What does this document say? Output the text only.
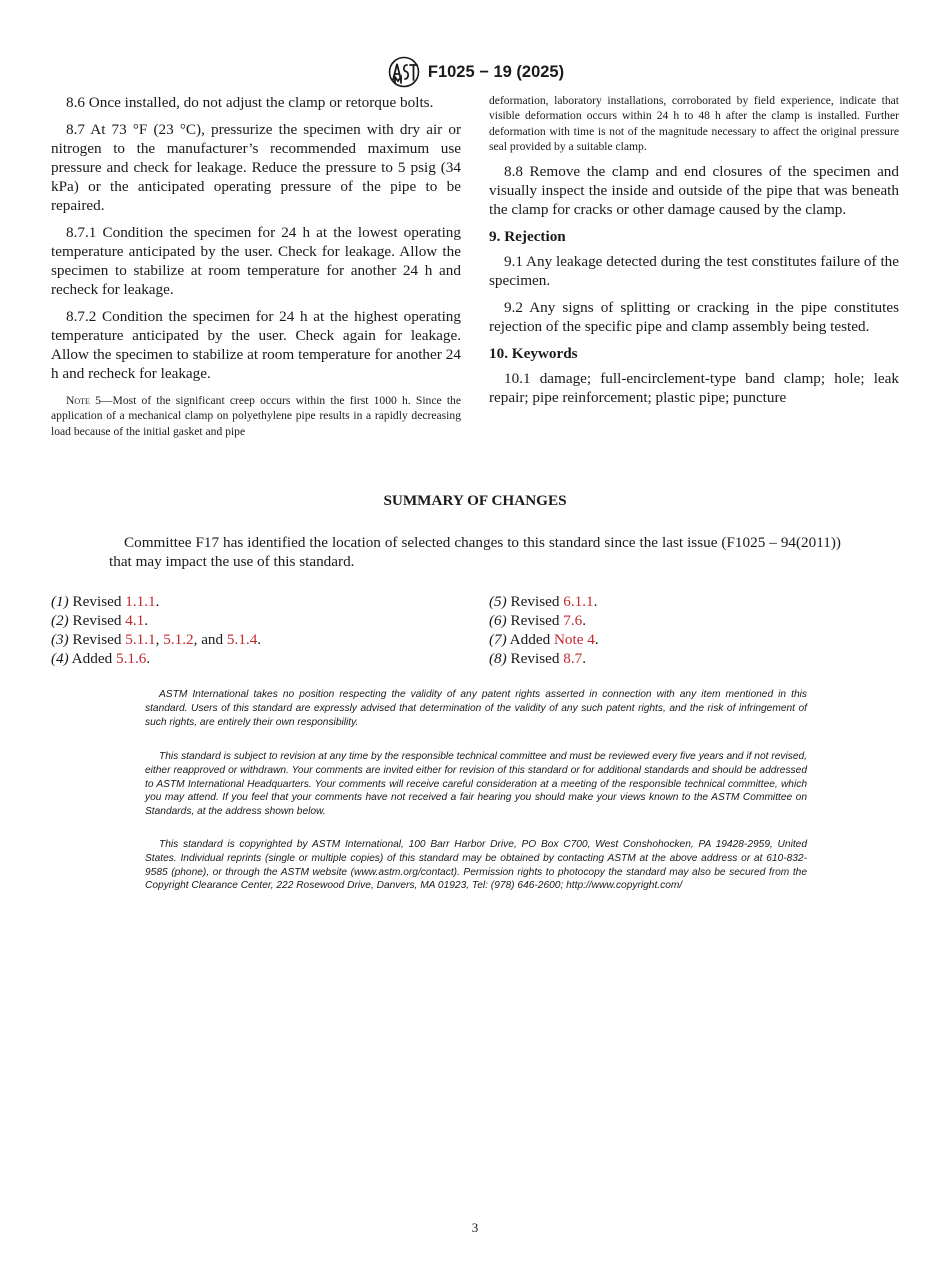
F1025 − 19 (2025)

8.6 Once installed, do not adjust the clamp or retorque bolts.

8.7 At 73 °F (23 °C), pressurize the specimen with dry air or nitrogen to the manufacturer’s recommended maximum use pressure and check for leakage. Reduce the pressure to 5 psig (34 kPa) or the anticipated operating pressure of the pipe to be repaired.

8.7.1 Condition the specimen for 24 h at the lowest operating temperature anticipated by the user. Check for leakage. Allow the specimen to stabilize at room temperature for another 24 h and recheck for leakage.

8.7.2 Condition the specimen for 24 h at the highest operating temperature anticipated by the user. Check again for leakage. Allow the specimen to stabilize at room temperature for another 24 h and recheck for leakage.

Note 5—Most of the significant creep occurs within the first 1000 h. Since the application of a mechanical clamp on polyethylene pipe results in a rapidly decreasing load because of the initial gasket and pipe

deformation, laboratory installations, corroborated by field experience, indicate that visible deformation occurs within 24 h to 48 h after the clamp is installed. Further deformation with time is not of the magnitude necessary to affect the original pressure seal provided by a suitable clamp.

8.8 Remove the clamp and end closures of the specimen and visually inspect the inside and outside of the pipe that was beneath the clamp for cracks or other damage caused by the clamp.

9. Rejection

9.1 Any leakage detected during the test constitutes failure of the specimen.

9.2 Any signs of splitting or cracking in the pipe constitutes rejection of the specific pipe and clamp assembly being tested.

10. Keywords

10.1 damage; full-encirclement-type band clamp; hole; leak repair; pipe reinforcement; plastic pipe; puncture

SUMMARY OF CHANGES

Committee F17 has identified the location of selected changes to this standard since the last issue (F1025 – 94(2011)) that may impact the use of this standard.

(1) Revised 1.1.1.
(2) Revised 4.1.
(3) Revised 5.1.1, 5.1.2, and 5.1.4.
(4) Added 5.1.6.
(5) Revised 6.1.1.
(6) Revised 7.6.
(7) Added Note 4.
(8) Revised 8.7.

ASTM International takes no position respecting the validity of any patent rights asserted in connection with any item mentioned in this standard. Users of this standard are expressly advised that determination of the validity of any such patent rights, and the risk of infringement of such rights, are entirely their own responsibility.

This standard is subject to revision at any time by the responsible technical committee and must be reviewed every five years and if not revised, either reapproved or withdrawn. Your comments are invited either for revision of this standard or for additional standards and should be addressed to ASTM International Headquarters. Your comments will receive careful consideration at a meeting of the responsible technical committee, which you may attend. If you feel that your comments have not received a fair hearing you should make your views known to the ASTM Committee on Standards, at the address shown below.

This standard is copyrighted by ASTM International, 100 Barr Harbor Drive, PO Box C700, West Conshohocken, PA 19428-2959, United States. Individual reprints (single or multiple copies) of this standard may be obtained by contacting ASTM at the above address or at 610-832-9585 (phone), or through the ASTM website (www.astm.org/contact). Permission rights to photocopy the standard may also be secured from the Copyright Clearance Center, 222 Rosewood Drive, Danvers, MA 01923, Tel: (978) 646-2600; http://www.copyright.com/

3
